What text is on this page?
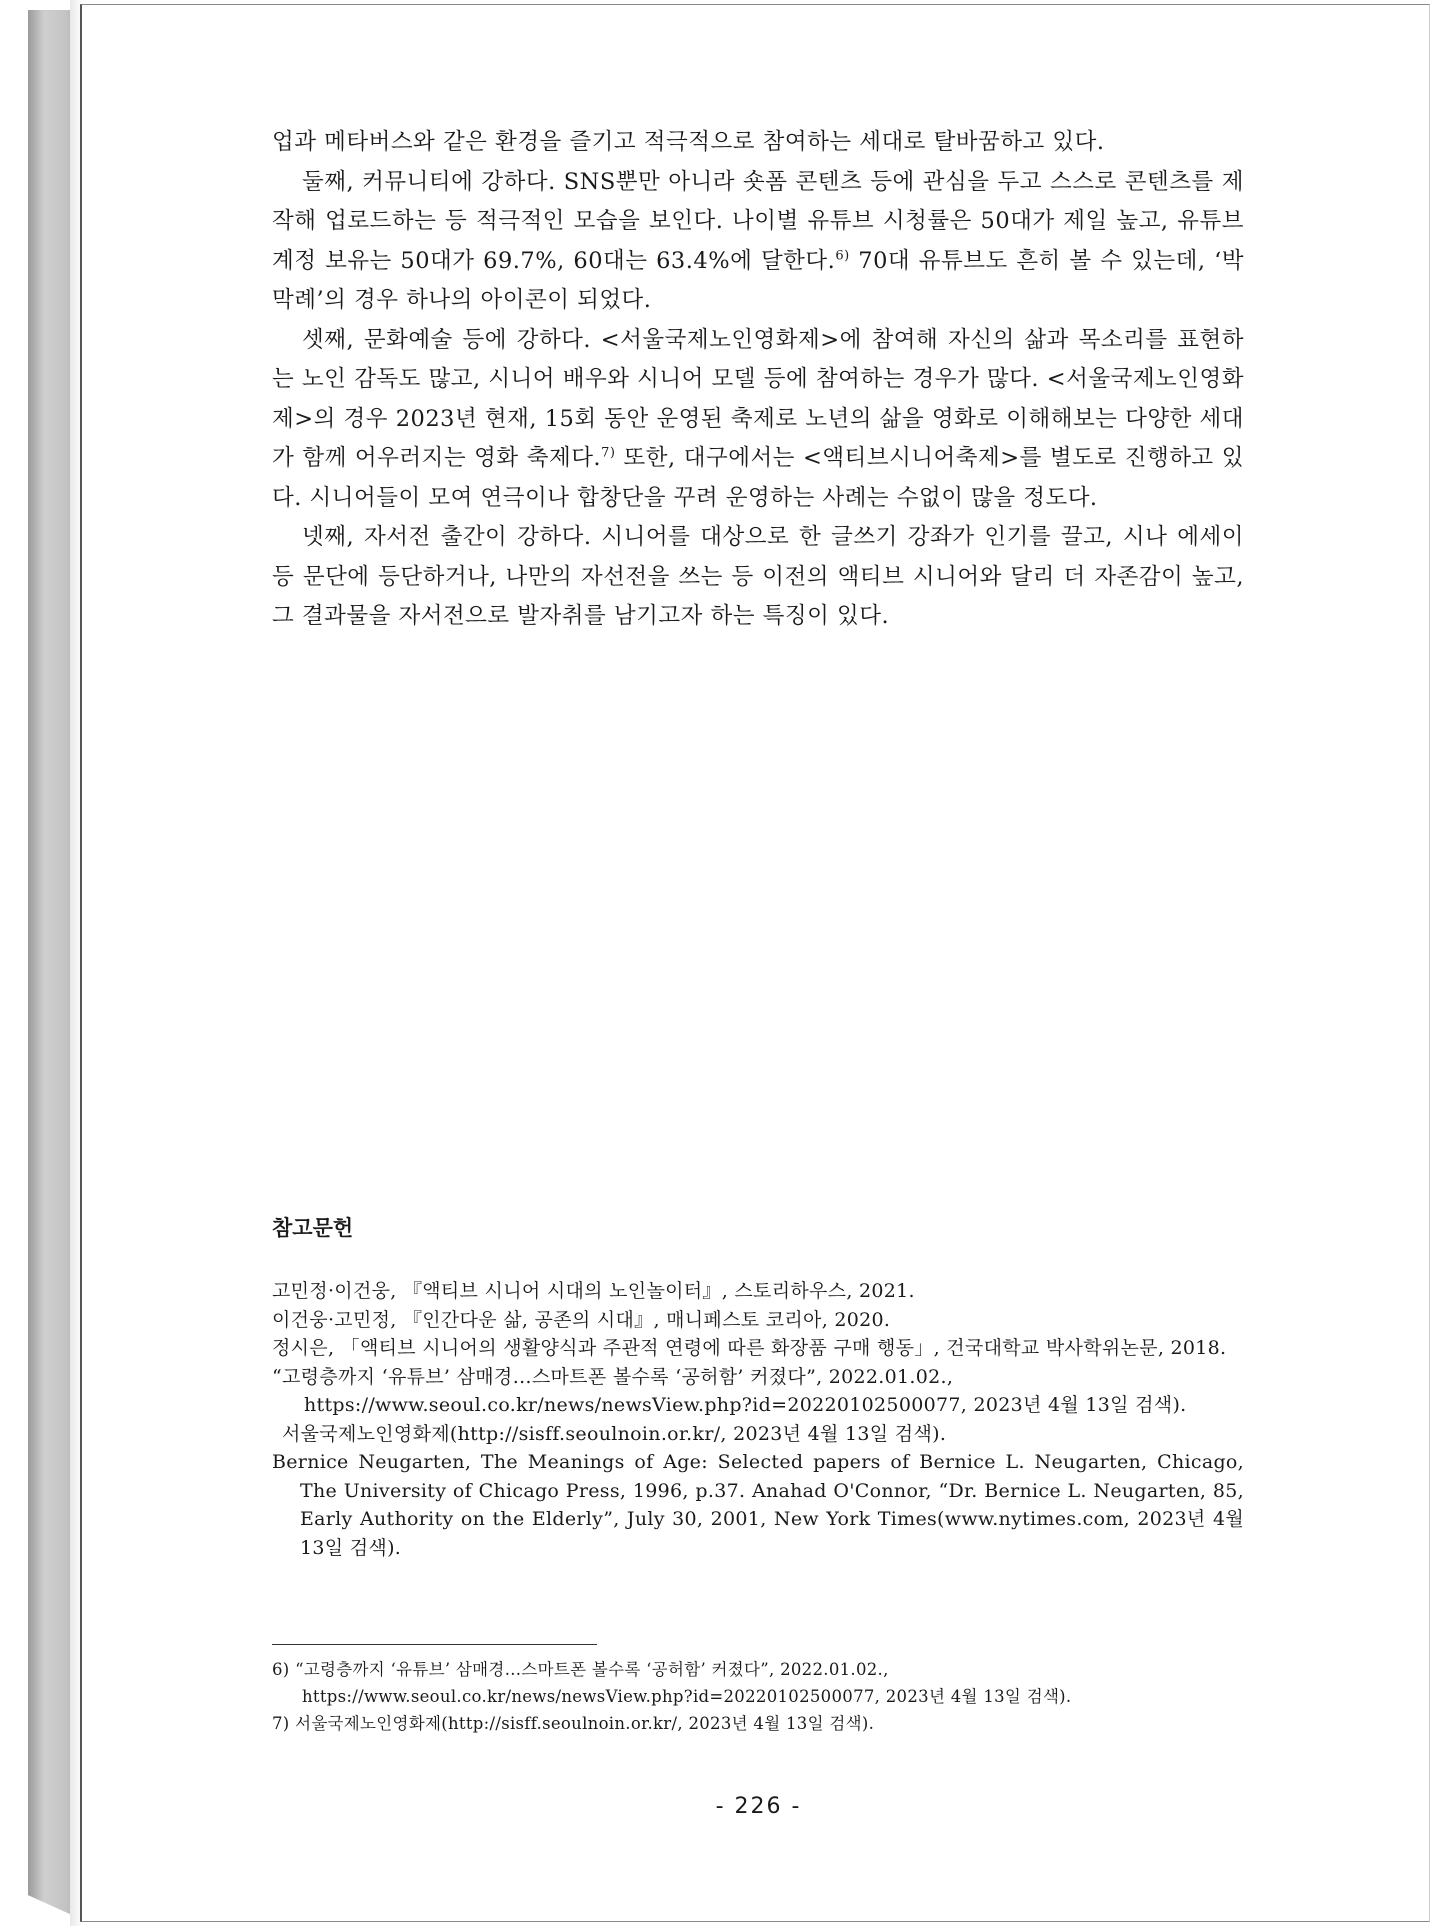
업과 메타버스와 같은 환경을 즐기고 적극적으로 참여하는 세대로 탈바꿈하고 있다.

둘째, 커뮤니티에 강하다. SNS뿐만 아니라 숏폼 콘텐츠 등에 관심을 두고 스스로 콘텐츠를 제작해 업로드하는 등 적극적인 모습을 보인다. 나이별 유튜브 시청률은 50대가 제일 높고, 유튜브 계정 보유는 50대가 69.7%, 60대는 63.4%에 달한다.$^{6)}$ 70대 유튜브도 흔히 볼 수 있는데, ‘박막례’의 경우 하나의 아이콘이 되었다.

셋째, 문화예술 등에 강하다. <서울국제노인영화제>에 참여해 자신의 삶과 목소리를 표현하는 노인 감독도 많고, 시니어 배우와 시니어 모델 등에 참여하는 경우가 많다. <서울국제노인영화제>의 경우 2023년 현재, 15회 동안 운영된 축제로 노년의 삶을 영화로 이해해보는 다양한 세대가 함께 어우러지는 영화 축제다.$^{7)}$ 또한, 대구에서는 <액티브시니어축제>를 별도로 진행하고 있다. 시니어들이 모여 연극이나 합창단을 꾸려 운영하는 사례는 수없이 많을 정도다.

넷째, 자서전 출간이 강하다. 시니어를 대상으로 한 글쓰기 강좌가 인기를 끌고, 시나 에세이 등 문단에 등단하거나, 나만의 자선전을 쓰는 등 이전의 액티브 시니어와 달리 더 자존감이 높고, 그 결과물을 자서전으로 발자취를 남기고자 하는 특징이 있다.

참고문헌

고민정·이건웅, 『액티브 시니어 시대의 노인놀이터』, 스토리하우스, 2021.

이건웅·고민정, 『인간다운 삶, 공존의 시대』, 매니페스토 코리아, 2020.

정시은, 「액티브 시니어의 생활양식과 주관적 연령에 따른 화장품 구매 행동」, 건국대학교 박사학위논문, 2018.

“고령층까지 ‘유튜브’ 삼매경…스마트폰 볼수록 ‘공허함’ 커졌다”, 2022.01.02.,

https://www.seoul.co.kr/news/newsView.php?id=20220102500077, 2023년 4월 13일 검색).

서울국제노인영화제(http://sisff.seoulnoin.or.kr/, 2023년 4월 13일 검색).

Bernice Neugarten, The Meanings of Age: Selected papers of Bernice L. Neugarten, Chicago, The University of Chicago Press, 1996, p.37. Anahad O'Connor, “Dr. Bernice L. Neugarten, 85, Early Authority on the Elderly”, July 30, 2001, New York Times(www.nytimes.com, 2023년 4월 13일 검색).

6) “고령층까지 ‘유튜브’ 삼매경…스마트폰 볼수록 ‘공허함’ 커졌다”, 2022.01.02.,

https://www.seoul.co.kr/news/newsView.php?id=20220102500077, 2023년 4월 13일 검색).

7) 서울국제노인영화제(http://sisff.seoulnoin.or.kr/, 2023년 4월 13일 검색).

- 226 -
